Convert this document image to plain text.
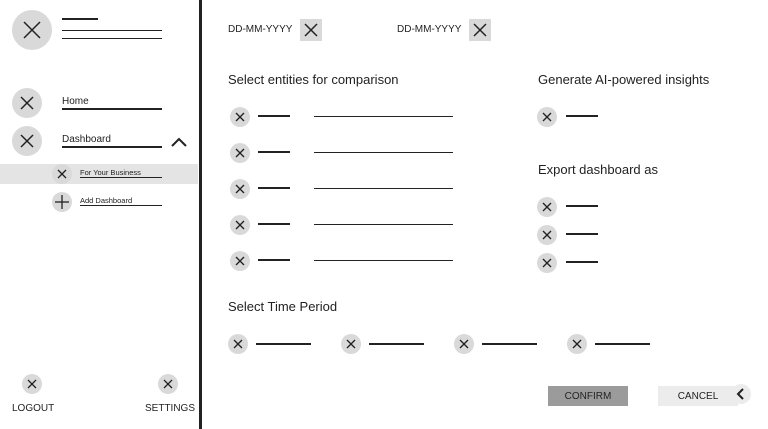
Home
Dashboard
For Your Business
Add Dashboard
LOGOUT	SETTINGS
DD-MM-YYYY	DD-MM-YYYY
Select entities for comparison	Generate AI-powered insights
Export dashboard as
Select Time Period
CONFIRM	CANCEL
